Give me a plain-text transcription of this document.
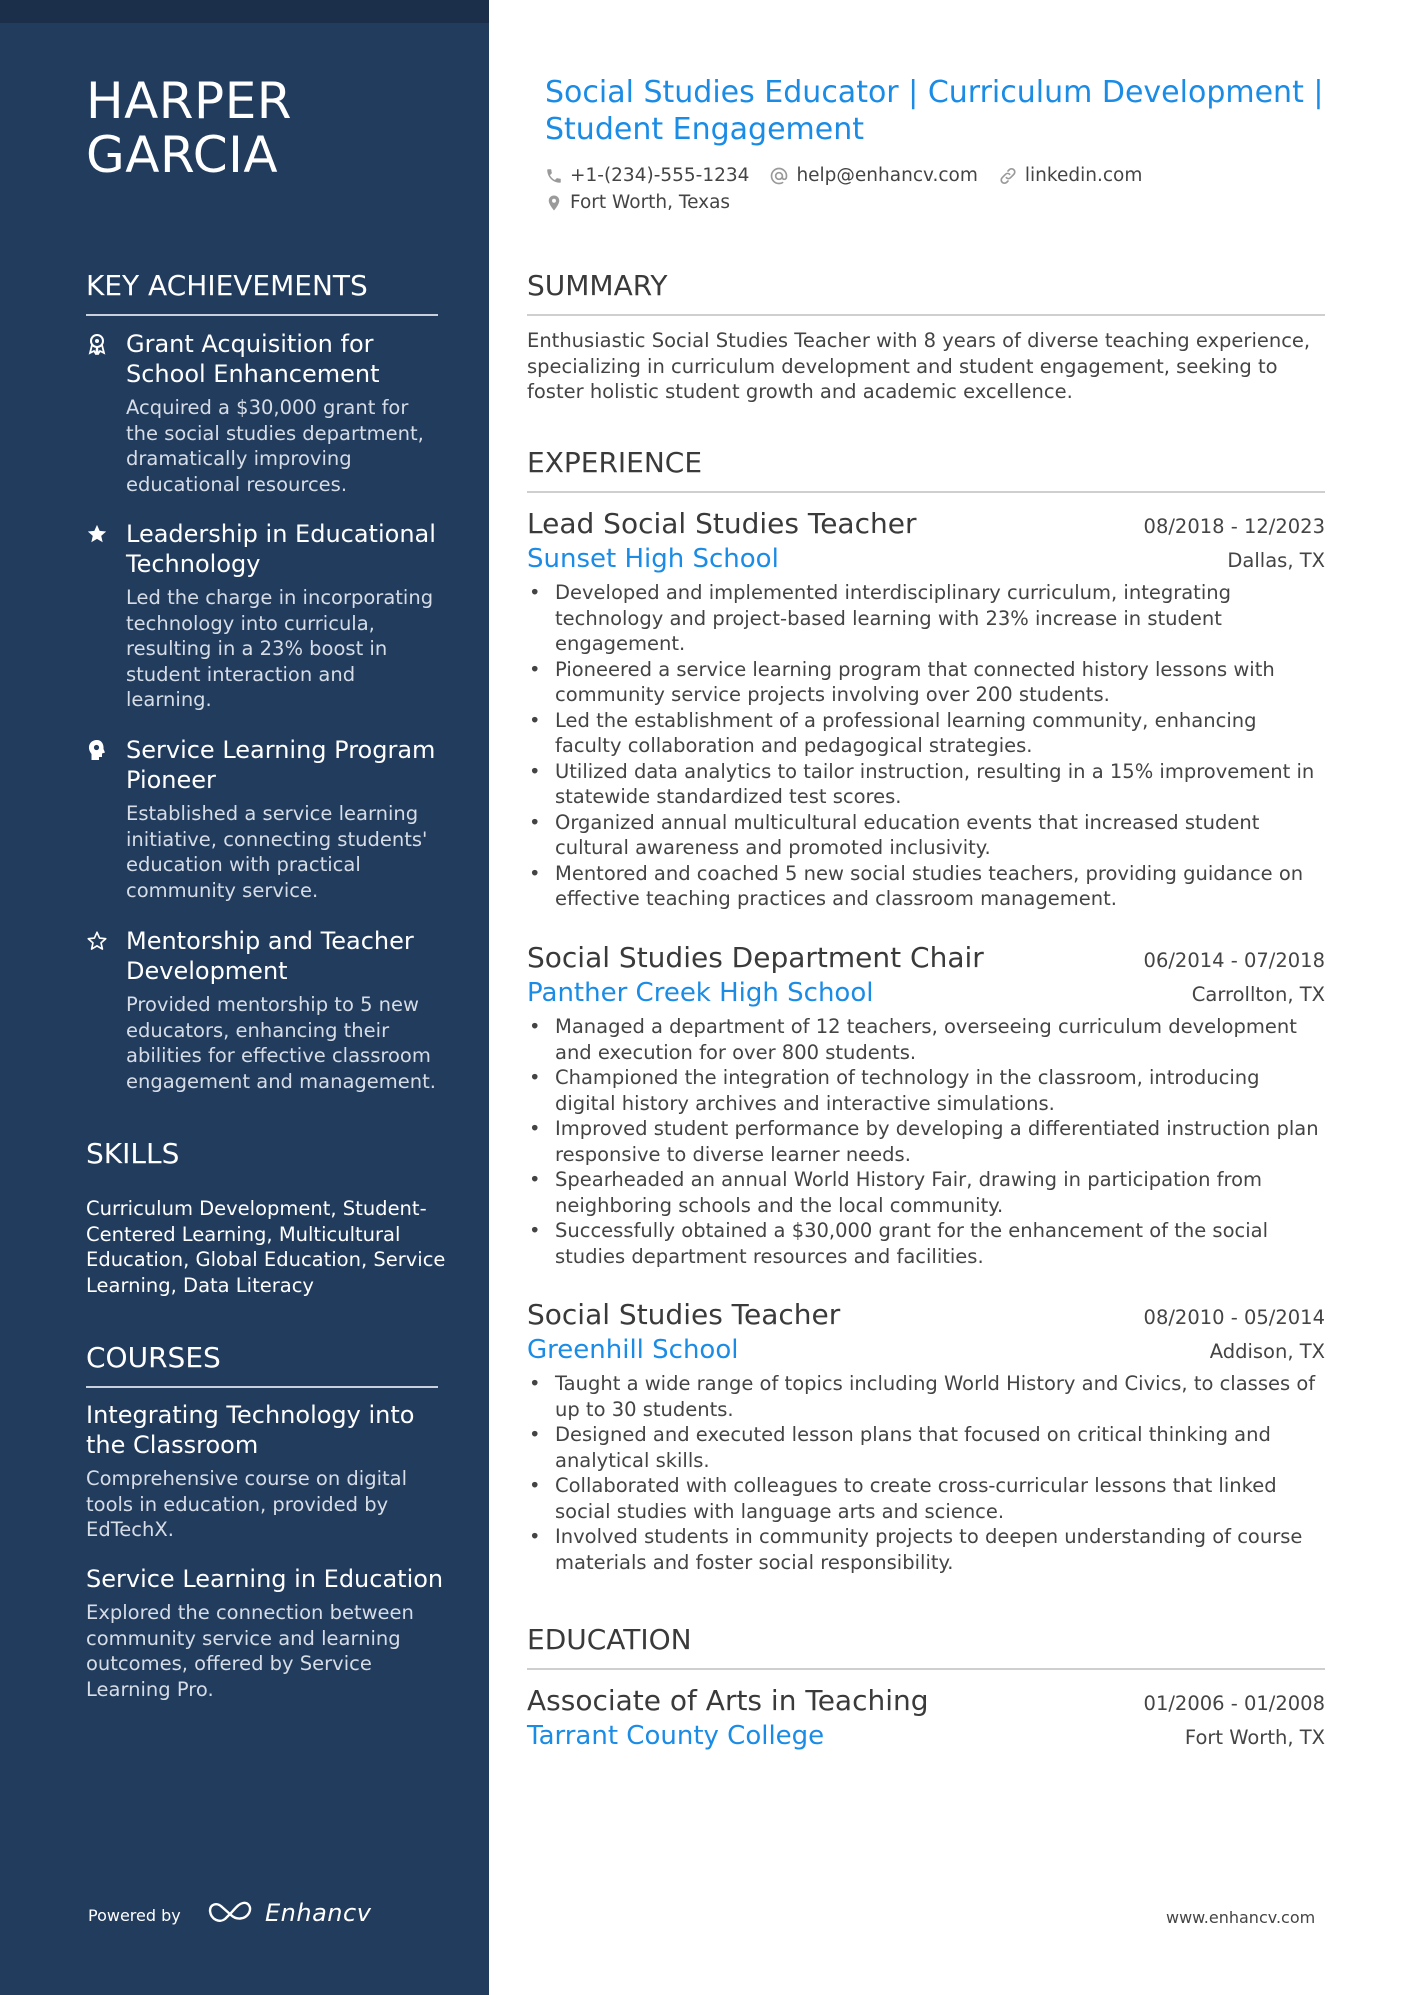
HARPER
GARCIA
KEY ACHIEVEMENTS
Grant Acquisition for School Enhancement
Acquired a $30,000 grant for the social studies department, dramatically improving educational resources.
Leadership in Educational Technology
Led the charge in incorporating technology into curricula, resulting in a 23% boost in student interaction and learning.
Service Learning Program Pioneer
Established a service learning initiative, connecting students' education with practical community service.
Mentorship and Teacher Development
Provided mentorship to 5 new educators, enhancing their abilities for effective classroom engagement and management.
SKILLS
Curriculum Development, Student-Centered Learning, Multicultural Education, Global Education, Service Learning, Data Literacy
COURSES
Integrating Technology into the Classroom
Comprehensive course on digital tools in education, provided by EdTechX.
Service Learning in Education
Explored the connection between community service and learning outcomes, offered by Service Learning Pro.
Powered by	Enhancv
Social Studies Educator | Curriculum Development |
Student Engagement
+1-(234)-555-1234	help@enhancv.com	linkedin.com
Fort Worth, Texas
SUMMARY
Enthusiastic Social Studies Teacher with 8 years of diverse teaching experience, specializing in curriculum development and student engagement, seeking to foster holistic student growth and academic excellence.
EXPERIENCE
Lead Social Studies Teacher	08/2018 - 12/2023
Sunset High School	Dallas, TX
• Developed and implemented interdisciplinary curriculum, integrating technology and project-based learning with 23% increase in student engagement.
• Pioneered a service learning program that connected history lessons with community service projects involving over 200 students.
• Led the establishment of a professional learning community, enhancing faculty collaboration and pedagogical strategies.
• Utilized data analytics to tailor instruction, resulting in a 15% improvement in statewide standardized test scores.
• Organized annual multicultural education events that increased student cultural awareness and promoted inclusivity.
• Mentored and coached 5 new social studies teachers, providing guidance on effective teaching practices and classroom management.
Social Studies Department Chair	06/2014 - 07/2018
Panther Creek High School	Carrollton, TX
• Managed a department of 12 teachers, overseeing curriculum development and execution for over 800 students.
• Championed the integration of technology in the classroom, introducing digital history archives and interactive simulations.
• Improved student performance by developing a differentiated instruction plan responsive to diverse learner needs.
• Spearheaded an annual World History Fair, drawing in participation from neighboring schools and the local community.
• Successfully obtained a $30,000 grant for the enhancement of the social studies department resources and facilities.
Social Studies Teacher	08/2010 - 05/2014
Greenhill School	Addison, TX
• Taught a wide range of topics including World History and Civics, to classes of up to 30 students.
• Designed and executed lesson plans that focused on critical thinking and analytical skills.
• Collaborated with colleagues to create cross-curricular lessons that linked social studies with language arts and science.
• Involved students in community projects to deepen understanding of course materials and foster social responsibility.
EDUCATION
Associate of Arts in Teaching	01/2006 - 01/2008
Tarrant County College	Fort Worth, TX
www.enhancv.com
